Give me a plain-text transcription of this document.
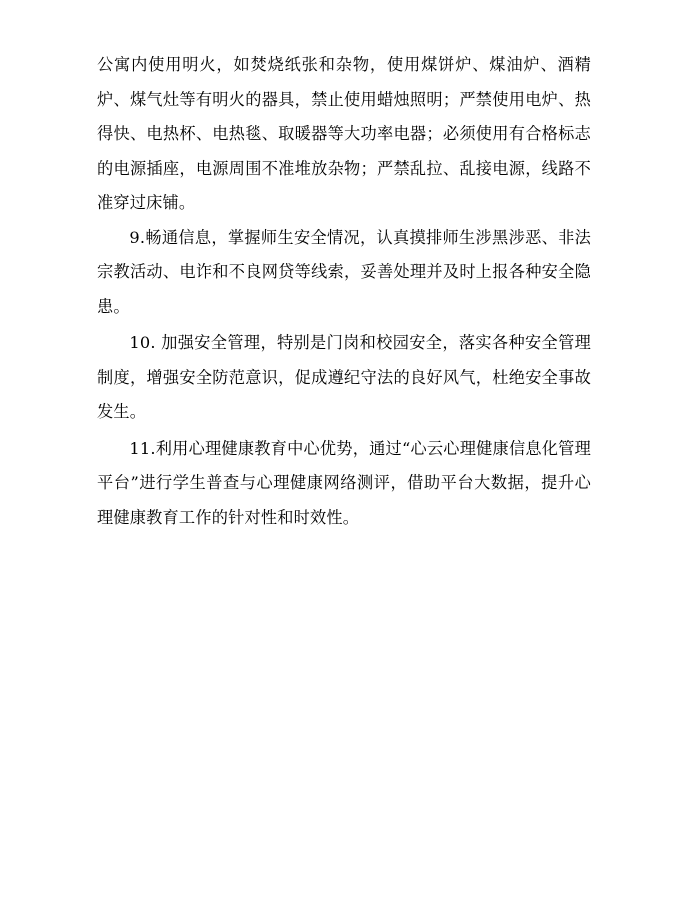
公寓内使用明火，如焚烧纸张和杂物，使用煤饼炉、煤油炉、酒精炉、煤气灶等有明火的器具，禁止使用蜡烛照明；严禁使用电炉、热得快、电热杯、电热毯、取暖器等大功率电器；必须使用有合格标志的电源插座，电源周围不准堆放杂物；严禁乱拉、乱接电源，线路不准穿过床铺。

9.畅通信息，掌握师生安全情况，认真摸排师生涉黑涉恶、非法宗教活动、电诈和不良网贷等线索，妥善处理并及时上报各种安全隐患。

10. 加强安全管理，特别是门岗和校园安全，落实各种安全管理制度，增强安全防范意识，促成遵纪守法的良好风气，杜绝安全事故发生。

11.利用心理健康教育中心优势，通过“心云心理健康信息化管理平台”进行学生普查与心理健康网络测评，借助平台大数据，提升心理健康教育工作的针对性和时效性。
